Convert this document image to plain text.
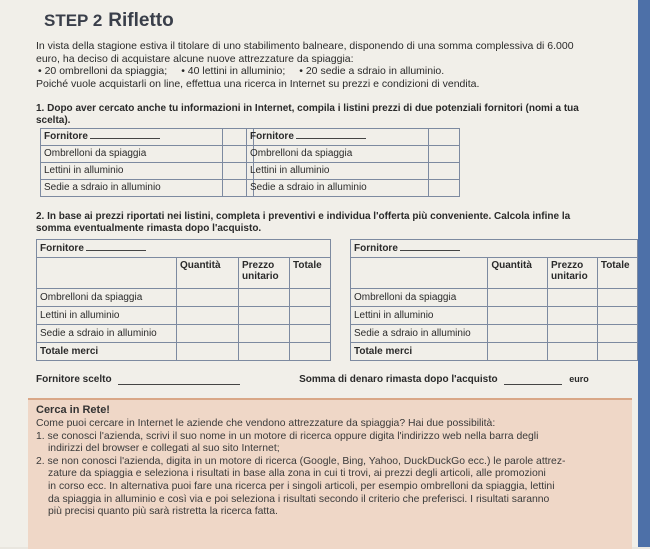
STEP 2 Rifletto

In vista della stagione estiva il titolare di uno stabilimento balneare, disponendo di una somma complessiva di 6.000

euro, ha deciso di acquistare alcune nuove attrezzature da spiaggia:

• 20 ombrelloni da spiaggia; • 40 lettini in alluminio; • 20 sedie a sdraio in alluminio.

Poiché vuole acquistarli on line, effettua una ricerca in Internet su prezzi e condizioni di vendita.

1. Dopo aver cercato anche tu informazioni in Internet, compila i listini prezzi di due potenziali fornitori (nomi a tua
scelta).
Fornitore	
Ombrelloni da spiaggia	
Lettini in alluminio	
Sedie a sdraio in alluminio	
Fornitore	
Ombrelloni da spiaggia	
Lettini in alluminio	
Sedie a sdraio in alluminio	
2. In base ai prezzi riportati nei listini, completa i preventivi e individua l'offerta più conveniente. Calcola infine la
somma eventualmente rimasta dopo l'acquisto.
Fornitore			
	Quantità	Prezzo unitario	Totale
Ombrelloni da spiaggia			
Lettini in alluminio			
Sedie a sdraio in alluminio			
Totale merci			
Fornitore			
	Quantità	Prezzo unitario	Totale
Ombrelloni da spiaggia			
Lettini in alluminio			
Sedie a sdraio in alluminio			
Totale merci			
Fornitore scelto	Somma di denaro rimasta dopo l'acquisto	euro
Cerca in Rete!

Come puoi cercare in Internet le aziende che vendono attrezzature da spiaggia? Hai due possibilità:

1. se conosci l'azienda, scrivi il suo nome in un motore di ricerca oppure digita l'indirizzo web nella barra degli

indirizzi del browser e collegati al suo sito Internet;

2. se non conosci l'azienda, digita in un motore di ricerca (Google, Bing, Yahoo, DuckDuckGo ecc.) le parole attrez-

zature da spiaggia e seleziona i risultati in base alla zona in cui ti trovi, ai prezzi degli articoli, alle promozioni

in corso ecc. In alternativa puoi fare una ricerca per i singoli articoli, per esempio ombrelloni da spiaggia, lettini

da spiaggia in alluminio e così via e poi seleziona i risultati secondo il criterio che preferisci. I risultati saranno

più precisi quanto più sarà ristretta la ricerca fatta.
